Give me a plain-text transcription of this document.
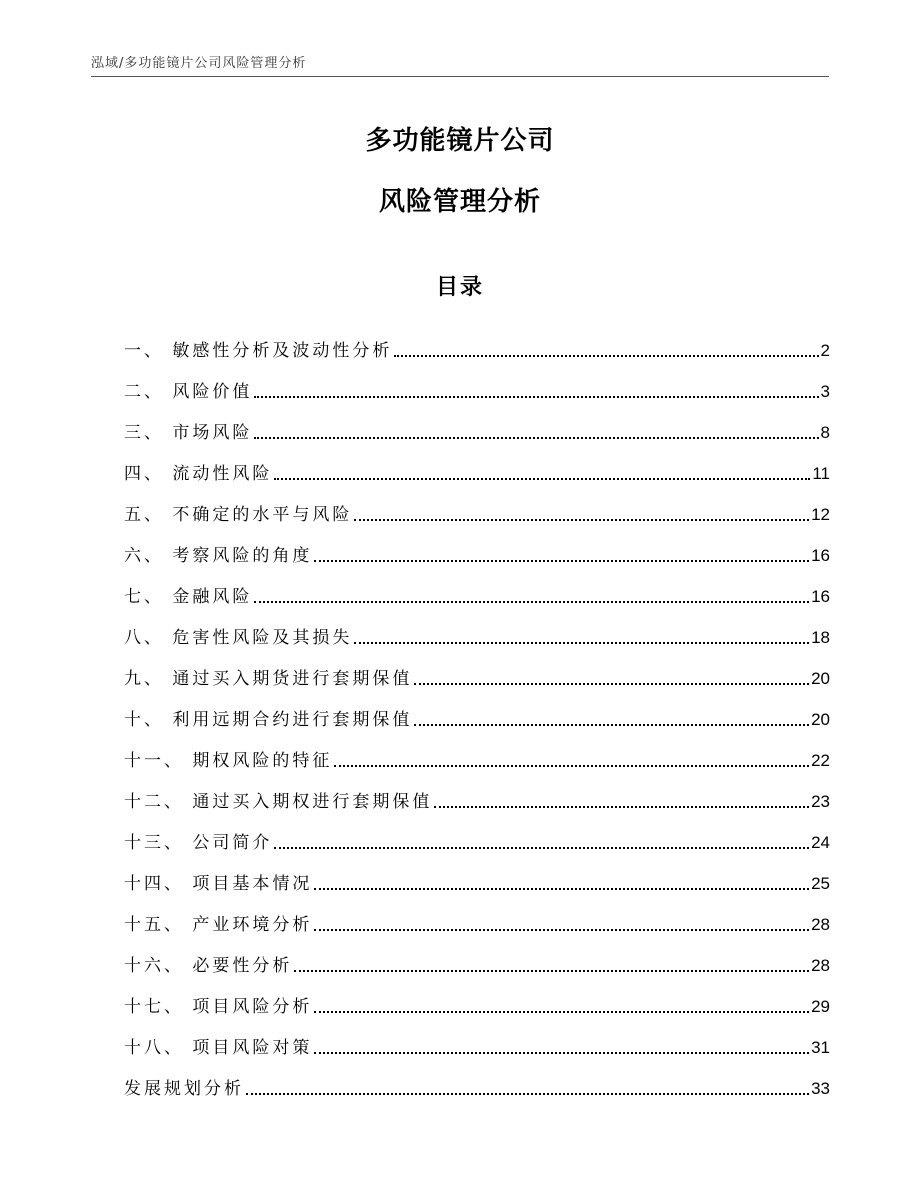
泓域/多功能镜片公司风险管理分析
多功能镜片公司
风险管理分析
目录
一、 敏感性分析及波动性分析	2
二、 风险价值	3
三、 市场风险	8
四、 流动性风险	11
五、 不确定的水平与风险	12
六、 考察风险的角度	16
七、 金融风险	16
八、 危害性风险及其损失	18
九、 通过买入期货进行套期保值	20
十、 利用远期合约进行套期保值	20
十一、 期权风险的特征	22
十二、 通过买入期权进行套期保值	23
十三、 公司简介	24
十四、 项目基本情况	25
十五、 产业环境分析	28
十六、 必要性分析	28
十七、 项目风险分析	29
十八、 项目风险对策	31
发展规划分析	33
